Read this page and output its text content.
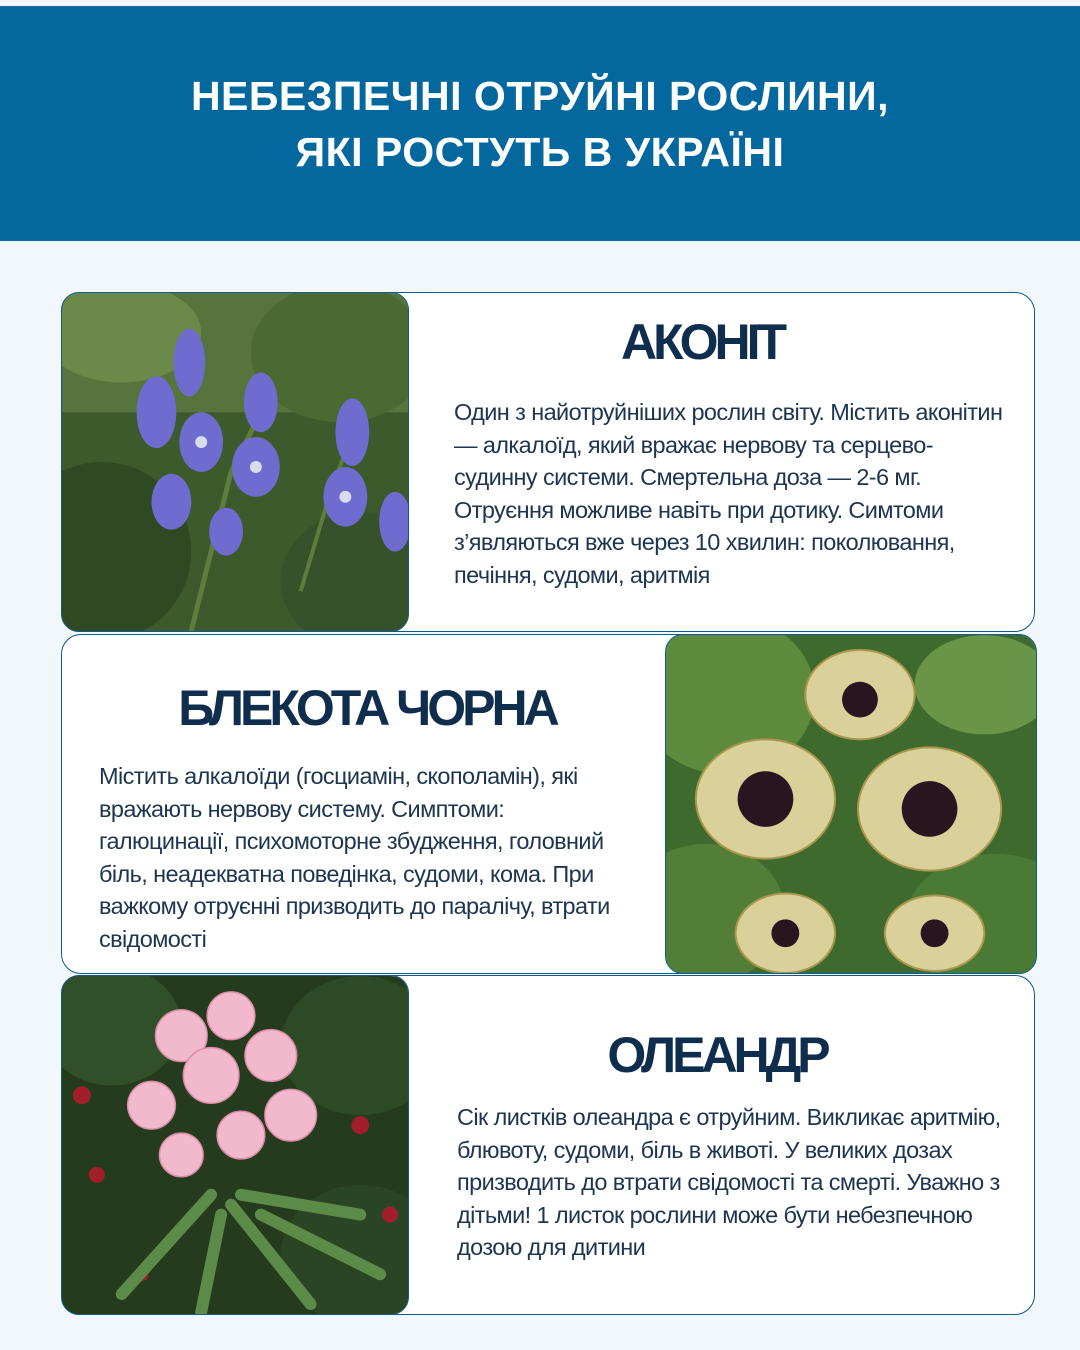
НЕБЕЗПЕЧНІ ОТРУЙНІ РОСЛИНИ,
ЯКІ РОСТУТЬ В УКРАЇНІ
АКОНІТ
Один з найотруйніших рослин світу. Містить аконітин — алкалоїд, який вражає нервову та серцево-судинну системи. Смертельна доза — 2-6 мг. Отруєння можливе навіть при дотику. Симтоми з’являються вже через 10 хвилин: поколювання, печіння, судоми, аритмія
БЛЕКОТА ЧОРНА
Містить алкалоїди (госциамін, скополамін), які вражають нервову систему. Симптоми: галюцинації, психомоторне збудження, головний біль, неадекватна поведінка, судоми, кома. При важкому отруєнні призводить до паралічу, втрати свідомості
ОЛЕАНДР
Сік листків олеандра є отруйним. Викликає аритмію, блювоту, судоми, біль в животі. У великих дозах призводить до втрати свідомості та смерті. Уважно з дітьми! 1 листок рослини може бути небезпечною дозою для дитини
